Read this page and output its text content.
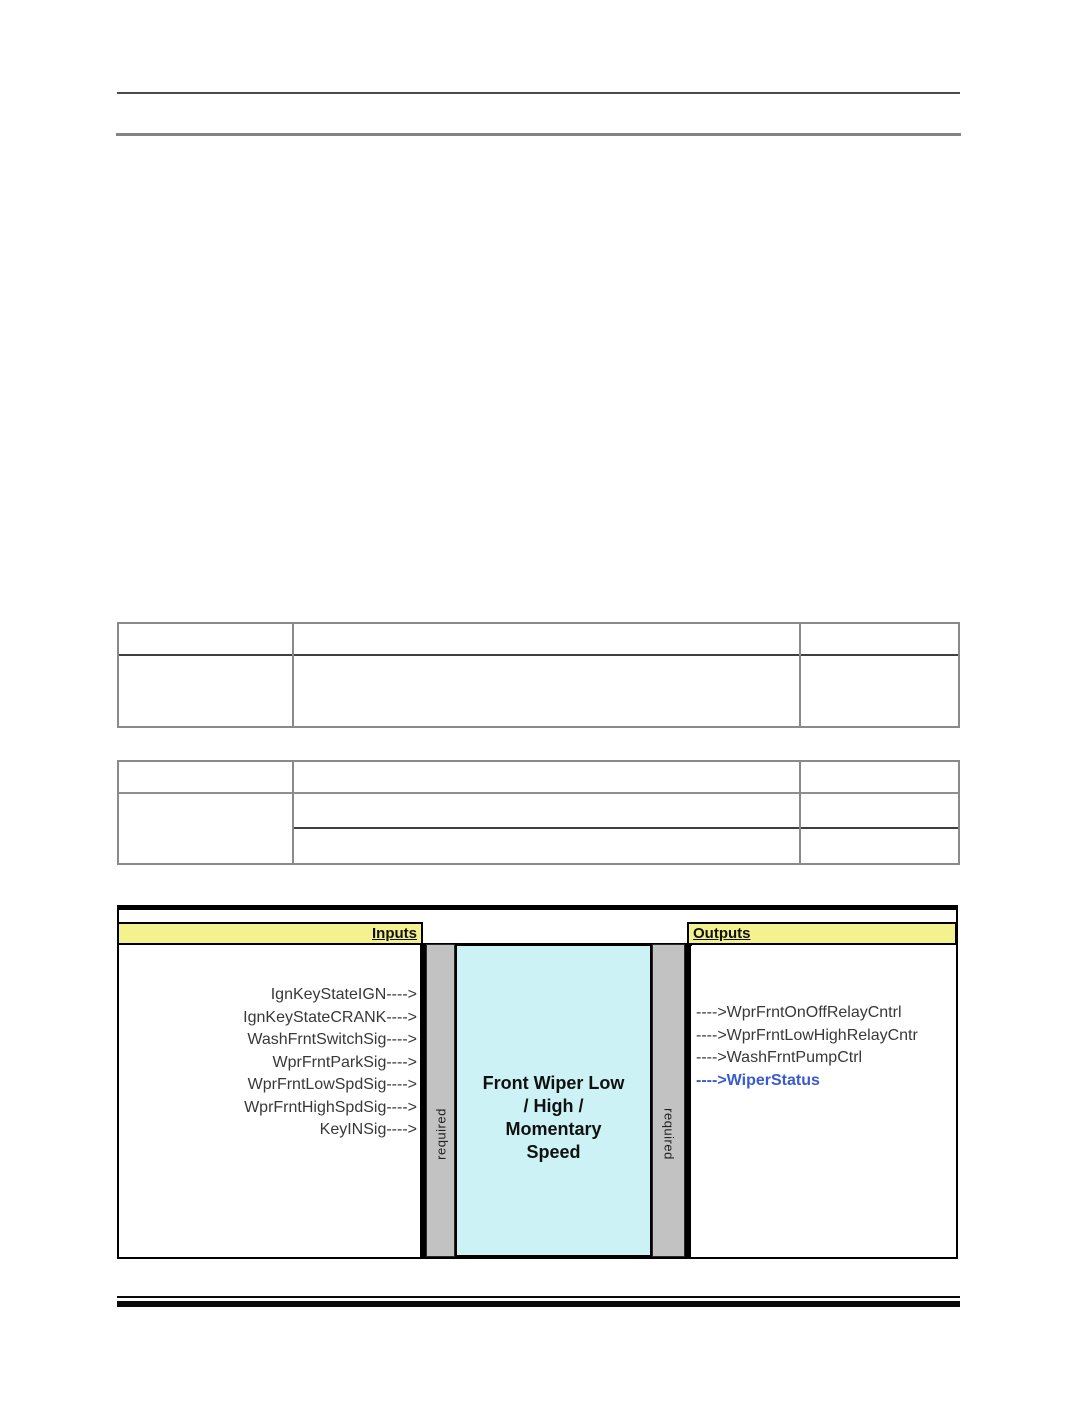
Inputs	Outputs
required
Front Wiper Low
/ High /
Momentary
Speed	required
IgnKeyStateIGN---->
IgnKeyStateCRANK---->
WashFrntSwitchSig---->
WprFrntParkSig---->
WprFrntLowSpdSig---->
WprFrntHighSpdSig---->
KeyINSig---->
---->WprFrntOnOffRelayCntrl
---->WprFrntLowHighRelayCntr
---->WashFrntPumpCtrl
---->WiperStatus
